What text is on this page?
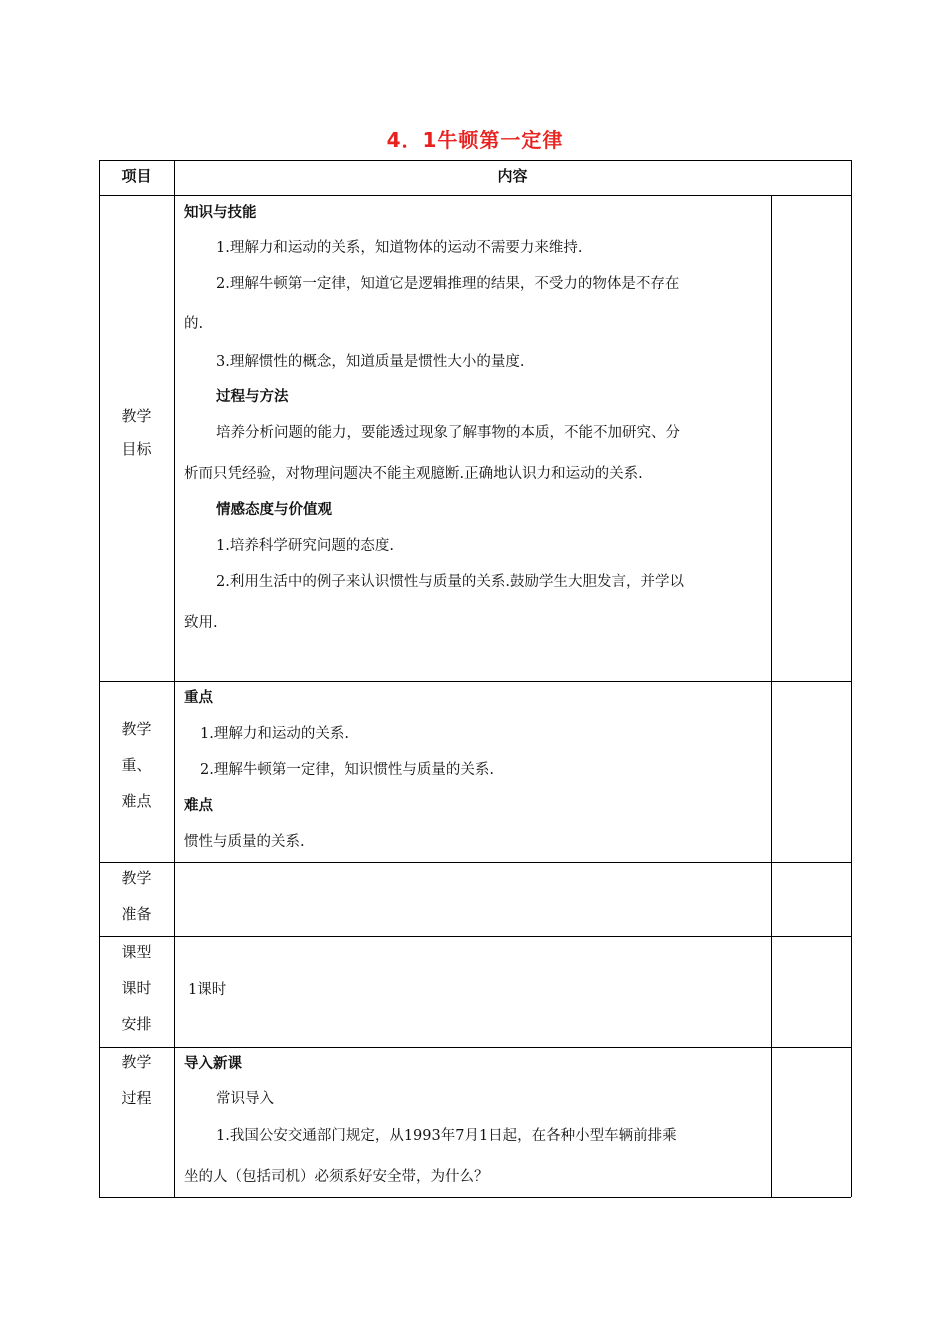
4．1牛顿第一定律
项目	内容
教学
目标
知识与技能
1.理解力和运动的关系，知道物体的运动不需要力来维持.
2.理解牛顿第一定律，知道它是逻辑推理的结果，不受力的物体是不存在
的.
3.理解惯性的概念，知道质量是惯性大小的量度.
过程与方法
培养分析问题的能力，要能透过现象了解事物的本质，不能不加研究、分
析而只凭经验，对物理问题决不能主观臆断.正确地认识力和运动的关系.
情感态度与价值观
1.培养科学研究问题的态度.
2.利用生活中的例子来认识惯性与质量的关系.鼓励学生大胆发言，并学以
致用.
教学
重、
难点
重点
1.理解力和运动的关系.
2.理解牛顿第一定律，知识惯性与质量的关系.
难点
惯性与质量的关系.
教学
准备
课型
课时
安排
1课时
教学
过程
导入新课
常识导入
1.我国公安交通部门规定，从1993年7月1日起，在各种小型车辆前排乘
坐的人（包括司机）必须系好安全带，为什么？
